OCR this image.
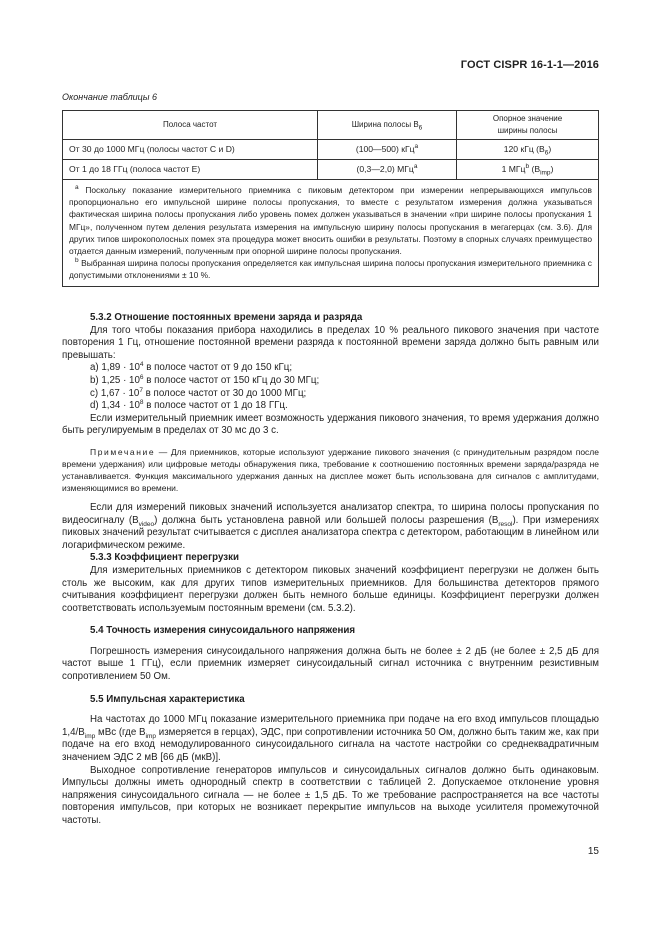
ГОСТ CISPR 16-1-1—2016
Окончание таблицы 6
Полоса частот	Ширина полосы $B_6$	Опорное значение
ширины полосы
От 30 до 1000 МГц (полосы частот С и D)	(100—500) кГц$^a$	120 кГц $(B_6)$
От 1 до 18 ГГц (полоса частот Е)	(0,3—2,0) МГц$^a$	1 МГц$^b$ $(B_{imp})$

$^a$ Поскольку показание измерительного приемника с пиковым детектором при измерении непрерывающихся импульсов пропорционально его импульсной ширине полосы пропускания, то вместе с результатом измерения должна указываться фактическая ширина полосы пропускания либо уровень помех должен указываться в значении «при ширине полосы пропускания 1 МГц», полученном путем деления результата измерения на импульсную ширину полосы пропускания в мегагерцах (см. 3.6). Для других типов широкополосных помех эта процедура может вносить ошибки в результаты. Поэтому в спорных случаях преимущество отдается данным измерений, полученным при опорной ширине полосы пропускания.

$^b$ Выбранная ширина полосы пропускания определяется как импульсная ширина полосы пропускания измерительного приемника с допустимыми отклонениями ± 10 %.		

5.3.2 Отношение постоянных времени заряда и разряда

Для того чтобы показания прибора находились в пределах 10 % реального пикового значения при частоте повторения 1 Гц, отношение постоянной времени разряда к постоянной времени заряда должно быть равным или превышать:

a) $1,89 \cdot 10^4$ в полосе частот от 9 до 150 кГц;

b) $1,25 \cdot 10^6$ в полосе частот от 150 кГц до 30 МГц;

c) $1,67 \cdot 10^7$ в полосе частот от 30 до 1000 МГц;

d) $1,34 \cdot 10^8$ в полосе частот от 1 до 18 ГГц.

Если измерительный приемник имеет возможность удержания пикового значения, то время удержания должно быть регулируемым в пределах от 30 мс до 3 с.

Примечание — Для приемников, которые используют удержание пикового значения (с принудительным разрядом после времени удержания) или цифровые методы обнаружения пика, требование к соотношению постоянных времени заряда/разряда не устанавливается. Функция максимального удержания данных на дисплее может быть использована для сигналов с амплитудами, изменяющимися во времени.

Если для измерений пиковых значений используется анализатор спектра, то ширина полосы пропускания по видеосигналу $(B_{video})$ должна быть установлена равной или большей полосы разрешения $(B_{resol})$. При измерениях пиковых значений результат считывается с дисплея анализатора спектра с детектором, работающим в линейном или логарифмическом режиме.

5.3.3 Коэффициент перегрузки

Для измерительных приемников с детектором пиковых значений коэффициент перегрузки не должен быть столь же высоким, как для других типов измерительных приемников. Для большинства детекторов прямого считывания коэффициент перегрузки должен быть немного больше единицы. Коэффициент перегрузки должен соответствовать используемым постоянным времени (см. 5.3.2).

5.4 Точность измерения синусоидального напряжения

Погрешность измерения синусоидального напряжения должна быть не более ± 2 дБ (не более ± 2,5 дБ для частот выше 1 ГГц), если приемник измеряет синусоидальный сигнал источника с внутренним резистивным сопротивлением 50 Ом.

5.5 Импульсная характеристика

На частотах до 1000 МГц показание измерительного приемника при подаче на его вход импульсов площадью $1,4/B_{imp}$ мВс (где $B_{imp}$ измеряется в герцах), ЭДС, при сопротивлении источника 50 Ом, должно быть таким же, как при подаче на его вход немодулированного синусоидального сигнала на частоте настройки со среднеквадратичным значением ЭДС 2 мВ [66 дБ (мкВ)].

Выходное сопротивление генераторов импульсов и синусоидальных сигналов должно быть одинаковым. Импульсы должны иметь однородный спектр в соответствии с таблицей 2. Допускаемое отклонение уровня напряжения синусоидального сигнала — не более ± 1,5 дБ. То же требование распространяется на все частоты повторения импульсов, при которых не возникает перекрытие импульсов на выходе усилителя промежуточной частоты.

15
